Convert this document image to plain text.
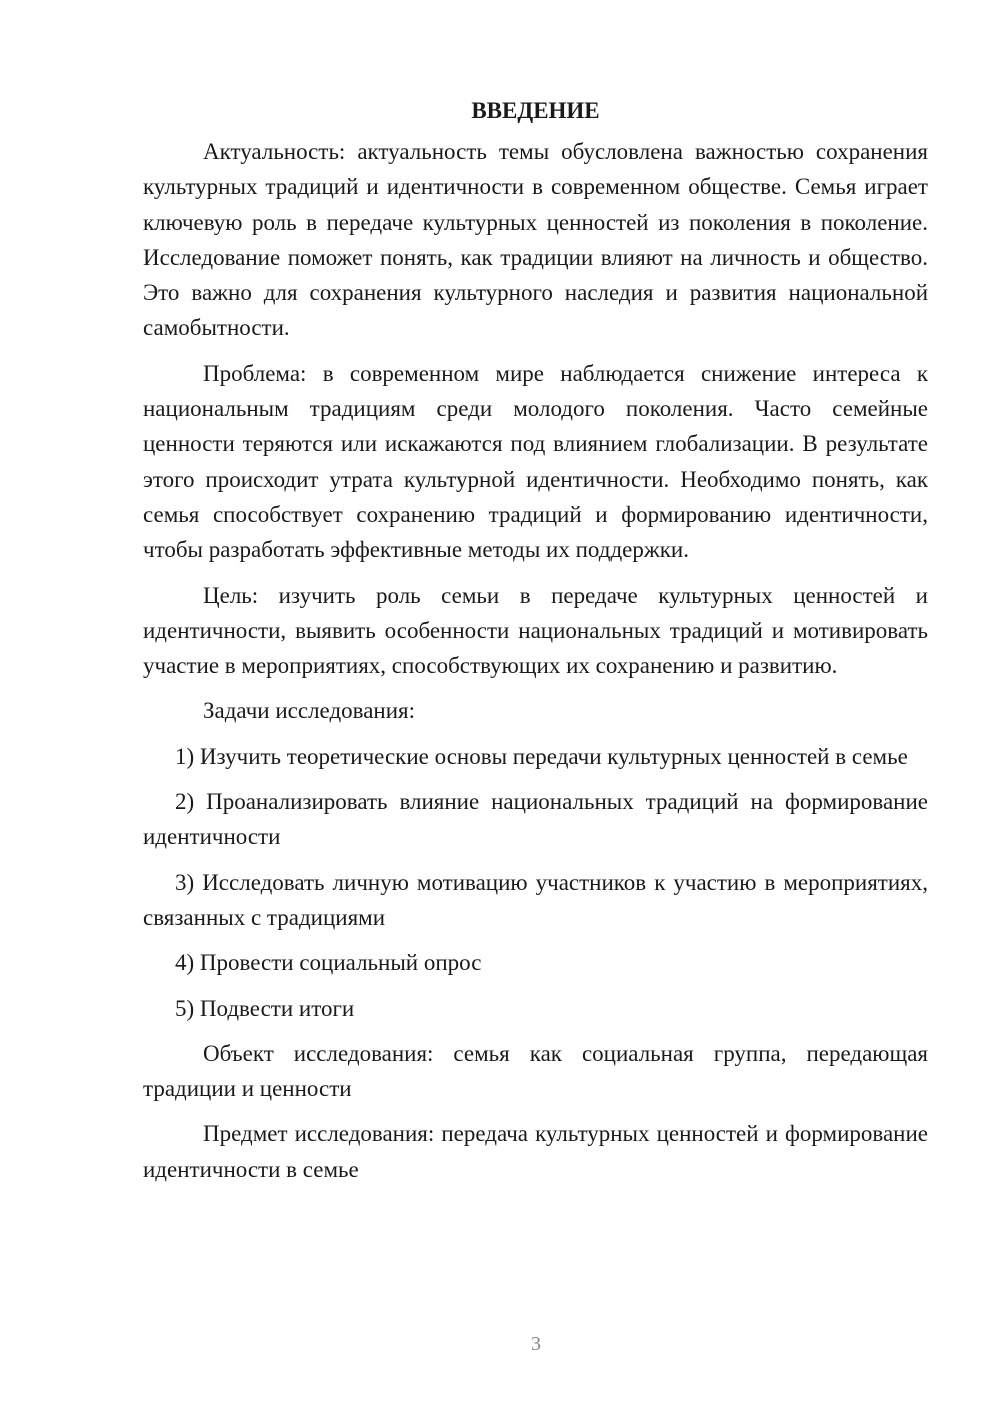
ВВЕДЕНИЕ

Актуальность: актуальность темы обусловлена важностью сохранения культурных традиций и идентичности в современном обществе. Семья играет ключевую роль в передаче культурных ценностей из поколения в поколение. Исследование поможет понять, как традиции влияют на личность и общество. Это важно для сохранения культурного наследия и развития национальной самобытности.

Проблема: в современном мире наблюдается снижение интереса к национальным традициям среди молодого поколения. Часто семейные ценности теряются или искажаются под влиянием глобализации. В результате этого происходит утрата культурной идентичности. Необходимо понять, как семья способствует сохранению традиций и формированию идентичности, чтобы разработать эффективные методы их поддержки.

Цель: изучить роль семьи в передаче культурных ценностей и идентичности, выявить особенности национальных традиций и мотивировать участие в мероприятиях, способствующих их сохранению и развитию.

Задачи исследования:

1) Изучить теоретические основы передачи культурных ценностей в семье

2) Проанализировать влияние национальных традиций на формирование идентичности

3) Исследовать личную мотивацию участников к участию в мероприятиях, связанных с традициями

4) Провести социальный опрос

5) Подвести итоги

Объект исследования: семья как социальная группа, передающая традиции и ценности

Предмет исследования: передача культурных ценностей и формирование идентичности в семье

3
